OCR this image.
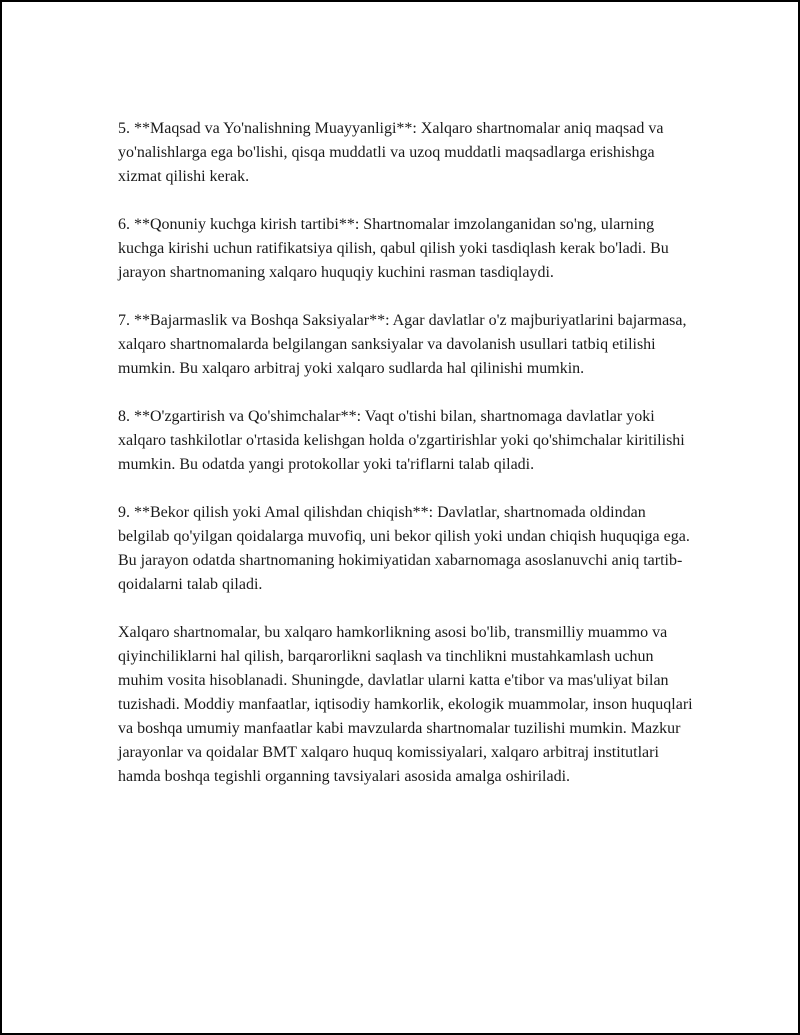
5. **Maqsad va Yo'nalishning Muayyanligi**: Xalqaro shartnomalar aniq maqsad va yo'nalishlarga ega bo'lishi, qisqa muddatli va uzoq muddatli maqsadlarga erishishga xizmat qilishi kerak.

6. **Qonuniy kuchga kirish tartibi**: Shartnomalar imzolanganidan so'ng, ularning kuchga kirishi uchun ratifikatsiya qilish, qabul qilish yoki tasdiqlash kerak bo'ladi. Bu jarayon shartnomaning xalqaro huquqiy kuchini rasman tasdiqlaydi.

7. **Bajarmaslik va Boshqa Saksiyalar**: Agar davlatlar o'z majburiyatlarini bajarmasa, xalqaro shartnomalarda belgilangan sanksiyalar va davolanish usullari tatbiq etilishi mumkin. Bu xalqaro arbitraj yoki xalqaro sudlarda hal qilinishi mumkin.

8. **O'zgartirish va Qo'shimchalar**: Vaqt o'tishi bilan, shartnomaga davlatlar yoki xalqaro tashkilotlar o'rtasida kelishgan holda o'zgartirishlar yoki qo'shimchalar kiritilishi mumkin. Bu odatda yangi protokollar yoki ta'riflarni talab qiladi.

9. **Bekor qilish yoki Amal qilishdan chiqish**: Davlatlar, shartnomada oldindan belgilab qo'yilgan qoidalarga muvofiq, uni bekor qilish yoki undan chiqish huquqiga ega. Bu jarayon odatda shartnomaning hokimiyatidan xabarnomaga asoslanuvchi aniq tartib-qoidalarni talab qiladi.

Xalqaro shartnomalar, bu xalqaro hamkorlikning asosi bo'lib, transmilliy muammo va qiyinchiliklarni hal qilish, barqarorlikni saqlash va tinchlikni mustahkamlash uchun muhim vosita hisoblanadi. Shuningde, davlatlar ularni katta e'tibor va mas'uliyat bilan tuzishadi. Moddiy manfaatlar, iqtisodiy hamkorlik, ekologik muammolar, inson huquqlari va boshqa umumiy manfaatlar kabi mavzularda shartnomalar tuzilishi mumkin. Mazkur jarayonlar va qoidalar BMT xalqaro huquq komissiyalari, xalqaro arbitraj institutlari hamda boshqa tegishli organning tavsiyalari asosida amalga oshiriladi.
